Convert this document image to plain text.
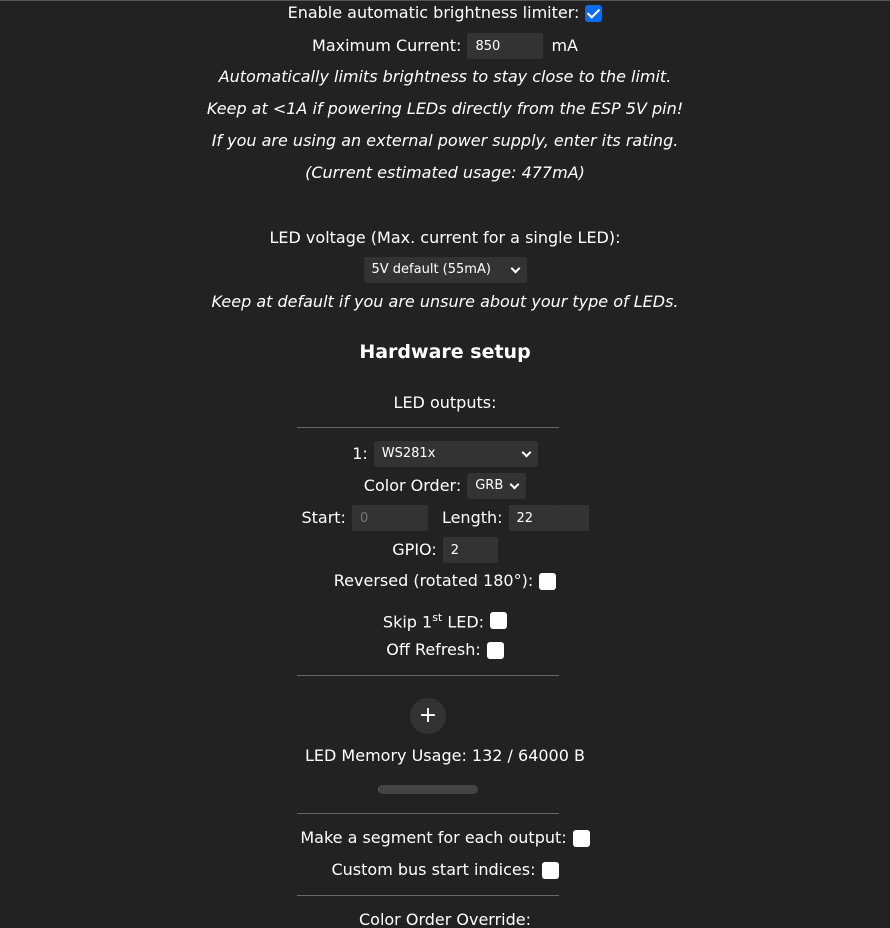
Enable automatic brightness limiter:
Maximum Current:
850	mA
Automatically limits brightness to stay close to the limit.
Keep at <1A if powering LEDs directly from the ESP 5V pin!
If you are using an external power supply, enter its rating.
(Current estimated usage: 477mA)
LED voltage (Max. current for a single LED):
5V default (55mA)
Keep at default if you are unsure about your type of LEDs.
Hardware setup
LED outputs:
1: WS281x
Color Order: GRB
Start:
0	Length:
22
GPIO:
2
Reversed (rotated 180°):
Skip 1st LED:
Off Refresh:
+
LED Memory Usage: 132 / 64000 B
Make a segment for each output:
Custom bus start indices:
Color Order Override:
